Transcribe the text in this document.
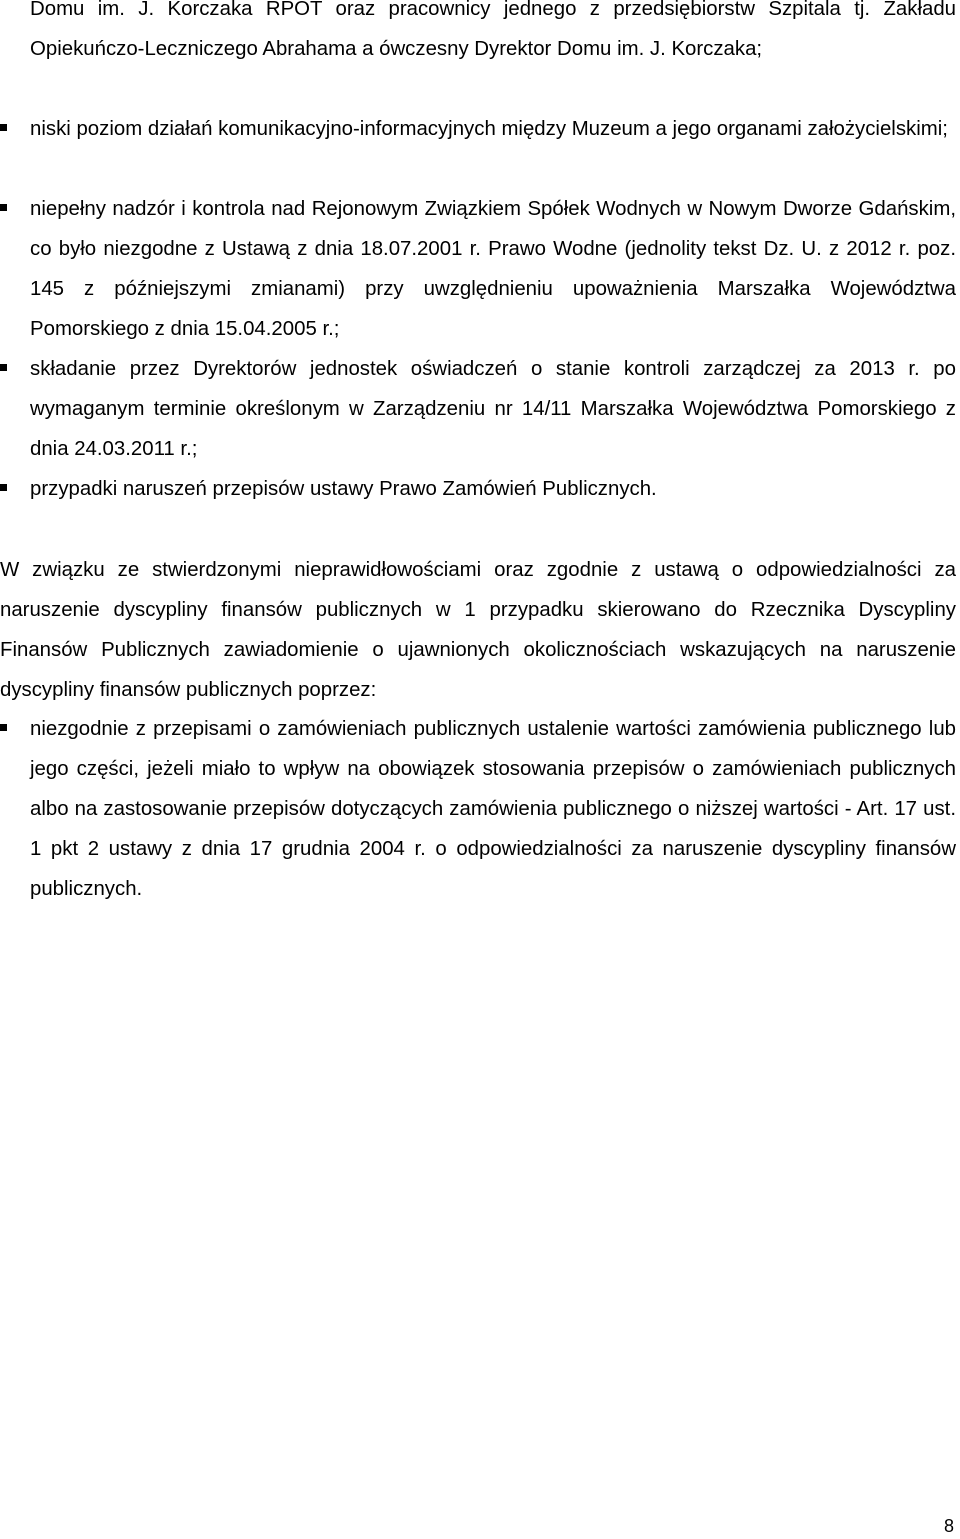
Domu im. J. Korczaka RPOT oraz pracownicy jednego z przedsiębiorstw Szpitala tj. Zakładu Opiekuńczo-Leczniczego Abrahama a ówczesny Dyrektor Domu im. J. Korczaka;
niski poziom działań komunikacyjno-informacyjnych między Muzeum a jego organami założycielskimi;
niepełny nadzór i kontrola nad Rejonowym Związkiem Spółek Wodnych w Nowym Dworze Gdańskim, co było niezgodne z Ustawą z dnia 18.07.2001 r. Prawo Wodne (jednolity tekst Dz. U. z 2012 r. poz. 145 z późniejszymi zmianami) przy uwzględnieniu upoważnienia Marszałka Województwa Pomorskiego z dnia 15.04.2005 r.;
składanie przez Dyrektorów jednostek oświadczeń o stanie kontroli zarządczej za 2013 r. po wymaganym terminie określonym w Zarządzeniu nr 14/11 Marszałka Województwa Pomorskiego z dnia 24.03.2011 r.;
przypadki naruszeń przepisów ustawy Prawo Zamówień Publicznych.
W związku ze stwierdzonymi nieprawidłowościami oraz zgodnie z ustawą o odpowiedzialności za naruszenie dyscypliny finansów publicznych w 1 przypadku skierowano do Rzecznika Dyscypliny Finansów Publicznych zawiadomienie o ujawnionych okolicznościach wskazujących na naruszenie dyscypliny finansów publicznych poprzez:
niezgodnie z przepisami o zamówieniach publicznych ustalenie wartości zamówienia publicznego lub jego części, jeżeli miało to wpływ na obowiązek stosowania przepisów o zamówieniach publicznych albo na zastosowanie przepisów dotyczących zamówienia publicznego o niższej wartości - Art. 17 ust. 1 pkt 2 ustawy z dnia 17 grudnia 2004 r. o odpowiedzialności za naruszenie dyscypliny finansów publicznych.
8
